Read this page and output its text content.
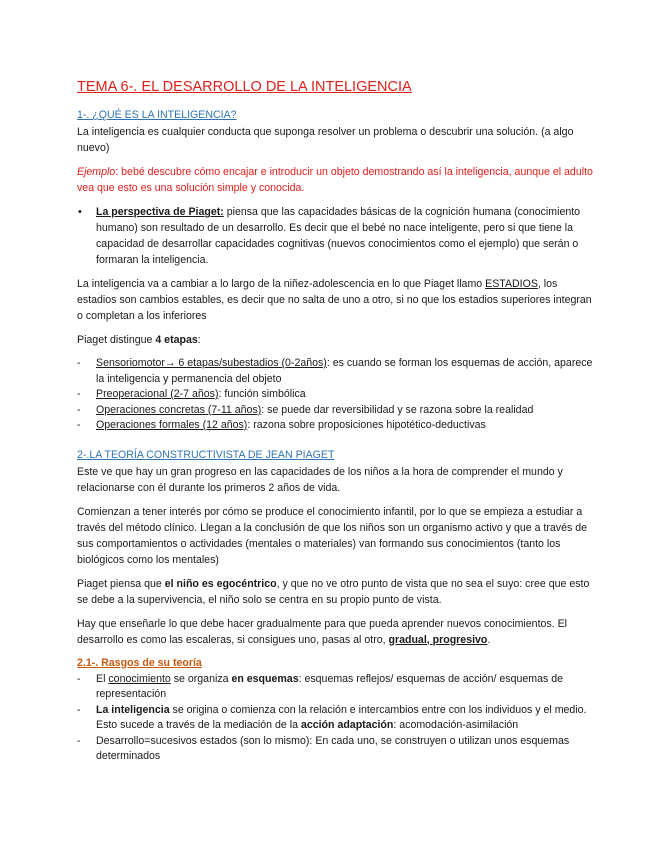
TEMA 6-. EL DESARROLLO DE LA INTELIGENCIA
1-. ¿QUÉ ES LA INTELIGENCIA?

La inteligencia es cualquier conducta que suponga resolver un problema o descubrir una solución. (a algo nuevo)

Ejemplo: bebé descubre cómo encajar e introducir un objeto demostrando así la inteligencia, aunque el adulto vea que esto es una solución simple y conocida.

• La perspectiva de Piaget: piensa que las capacidades básicas de la cognición humana (conocimiento humano) son resultado de un desarrollo. Es decir que el bebé no nace inteligente, pero si que tiene la capacidad de desarrollar capacidades cognitivas (nuevos conocimientos como el ejemplo) que serán o formaran la inteligencia.

La inteligencia va a cambiar a lo largo de la niñez-adolescencia en lo que Piaget llamo ESTADIOS, los estadios son cambios estables, es decir que no salta de uno a otro, si no que los estadios superiores integran o completan a los inferiores

Piaget distingue 4 etapas:

- Sensoriomotor→ 6 etapas/subestadios (0-2años): es cuando se forman los esquemas de acción, aparece la inteligencia y permanencia del objeto
- Preoperacional (2-7 años): función simbólica
- Operaciones concretas (7-11 años): se puede dar reversibilidad y se razona sobre la realidad
- Operaciones formales (12 años): razona sobre proposiciones hipotético-deductivas
2-.LA TEORÍA CONSTRUCTIVISTA DE JEAN PIAGET

Este ve que hay un gran progreso en las capacidades de los niños a la hora de comprender el mundo y relacionarse con él durante los primeros 2 años de vida.

Comienzan a tener interés por cómo se produce el conocimiento infantil, por lo que se empieza a estudiar a través del método clínico. Llegan a la conclusión de que los niños son un organismo activo y que a través de sus comportamientos o actividades (mentales o materiales) van formando sus conocimientos (tanto los biológicos como los mentales)

Piaget piensa que el niño es egocéntrico, y que no ve otro punto de vista que no sea el suyo: cree que esto se debe a la supervivencia, el niño solo se centra en su propio punto de vista.

Hay que enseñarle lo que debe hacer gradualmente para que pueda aprender nuevos conocimientos. El desarrollo es como las escaleras, si consigues uno, pasas al otro, gradual, progresivo.

2.1-. Rasgos de su teoría
- El conocimiento se organiza en esquemas: esquemas reflejos/ esquemas de acción/ esquemas de representación
- La inteligencia se origina o comienza con la relación e intercambios entre con los individuos y el medio.
Esto sucede a través de la mediación de la acción adaptación: acomodación-asimilación
- Desarrollo=sucesivos estados (son lo mismo): En cada uno, se construyen o utilizan unos esquemas determinados
